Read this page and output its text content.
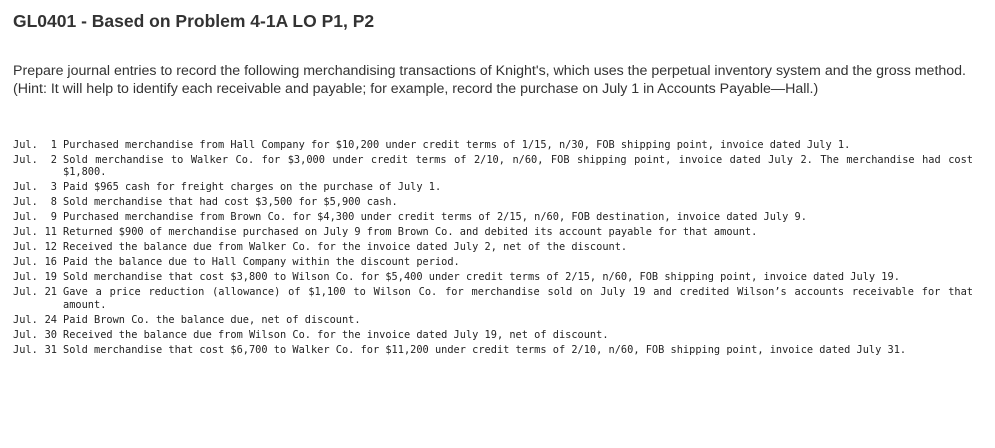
GL0401 - Based on Problem 4-1A LO P1, P2

Prepare journal entries to record the following merchandising transactions of Knight's, which uses the perpetual inventory system and the gross method. (Hint: It will help to identify each receivable and payable; for example, record the purchase on July 1 in Accounts Payable—Hall.)

Jul.	1 Purchased merchandise from Hall Company for $10,200 under credit terms of 1/15, n/30, FOB shipping point, invoice dated July 1.
Jul.	2 Sold merchandise to Walker Co. for $3,000 under credit terms of 2/10, n/60, FOB shipping point, invoice dated July 2. The merchandise had cost $1,800.
Jul.	3 Paid $965 cash for freight charges on the purchase of July 1.
Jul.	8 Sold merchandise that had cost $3,500 for $5,900 cash.
Jul.	9 Purchased merchandise from Brown Co. for $4,300 under credit terms of 2/15, n/60, FOB destination, invoice dated July 9.
Jul. 11 Returned $900 of merchandise purchased on July 9 from Brown Co. and debited its account payable for that amount.
Jul. 12 Received the balance due from Walker Co. for the invoice dated July 2, net of the discount.
Jul. 16 Paid the balance due to Hall Company within the discount period.
Jul. 19 Sold merchandise that cost $3,800 to Wilson Co. for $5,400 under credit terms of 2/15, n/60, FOB shipping point, invoice dated July 19.
Jul. 21 Gave a price reduction (allowance) of $1,100 to Wilson Co. for merchandise sold on July 19 and credited Wilson’s accounts receivable for that amount.
Jul. 24 Paid Brown Co. the balance due, net of discount.
Jul. 30 Received the balance due from Wilson Co. for the invoice dated July 19, net of discount.
Jul. 31 Sold merchandise that cost $6,700 to Walker Co. for $11,200 under credit terms of 2/10, n/60, FOB shipping point, invoice dated July 31.
